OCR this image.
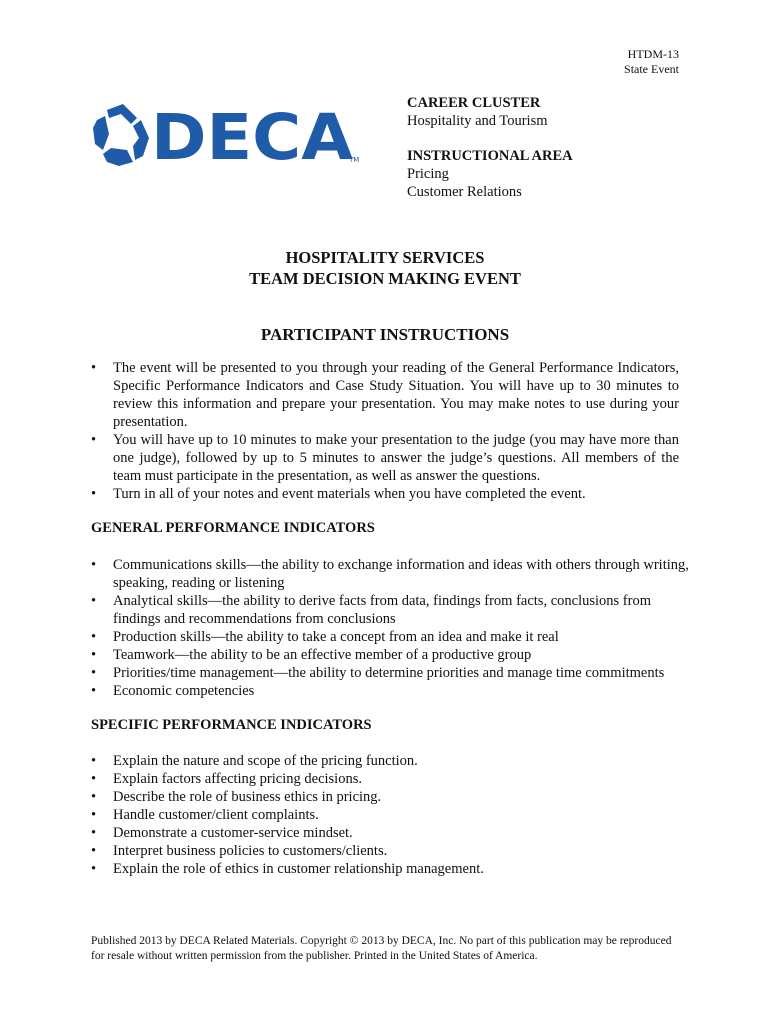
HTDM-13
State Event
DECA
TM
CAREER CLUSTER
Hospitality and Tourism
INSTRUCTIONAL AREA
Pricing
Customer Relations
HOSPITALITY SERVICES
TEAM DECISION MAKING EVENT
PARTICIPANT INSTRUCTIONS
• The event will be presented to you through your reading of the General Performance Indicators, Specific Performance Indicators and Case Study Situation. You will have up to 30 minutes to review this information and prepare your presentation. You may make notes to use during your presentation.
• You will have up to 10 minutes to make your presentation to the judge (you may have more than one judge), followed by up to 5 minutes to answer the judge’s questions. All members of the team must participate in the presentation, as well as answer the questions.
• Turn in all of your notes and event materials when you have completed the event.
GENERAL PERFORMANCE INDICATORS
• Communications skills—the ability to exchange information and ideas with others through writing, speaking, reading or listening
• Analytical skills—the ability to derive facts from data, findings from facts, conclusions from findings and recommendations from conclusions
• Production skills—the ability to take a concept from an idea and make it real
• Teamwork—the ability to be an effective member of a productive group
• Priorities/time management—the ability to determine priorities and manage time commitments
• Economic competencies
SPECIFIC PERFORMANCE INDICATORS
• Explain the nature and scope of the pricing function.
• Explain factors affecting pricing decisions.
• Describe the role of business ethics in pricing.
• Handle customer/client complaints.
• Demonstrate a customer-service mindset.
• Interpret business policies to customers/clients.
• Explain the role of ethics in customer relationship management.
Published 2013 by DECA Related Materials. Copyright © 2013 by DECA, Inc. No part of this publication may be reproduced for resale without written permission from the publisher. Printed in the United States of America.
